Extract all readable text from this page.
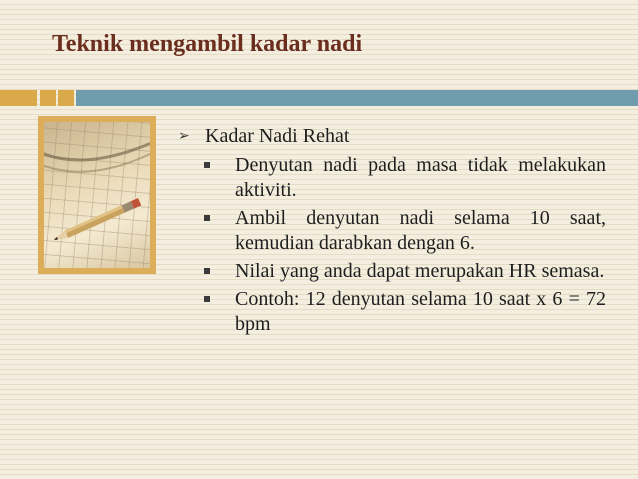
Teknik mengambil kadar nadi
➢ Kadar Nadi Rehat
Denyutan nadi pada masa tidak melakukan aktiviti.
Ambil denyutan nadi selama 10 saat, kemudian darabkan dengan 6.
Nilai yang anda dapat merupakan HR semasa.
Contoh: 12 denyutan selama 10 saat x 6 = 72 bpm
